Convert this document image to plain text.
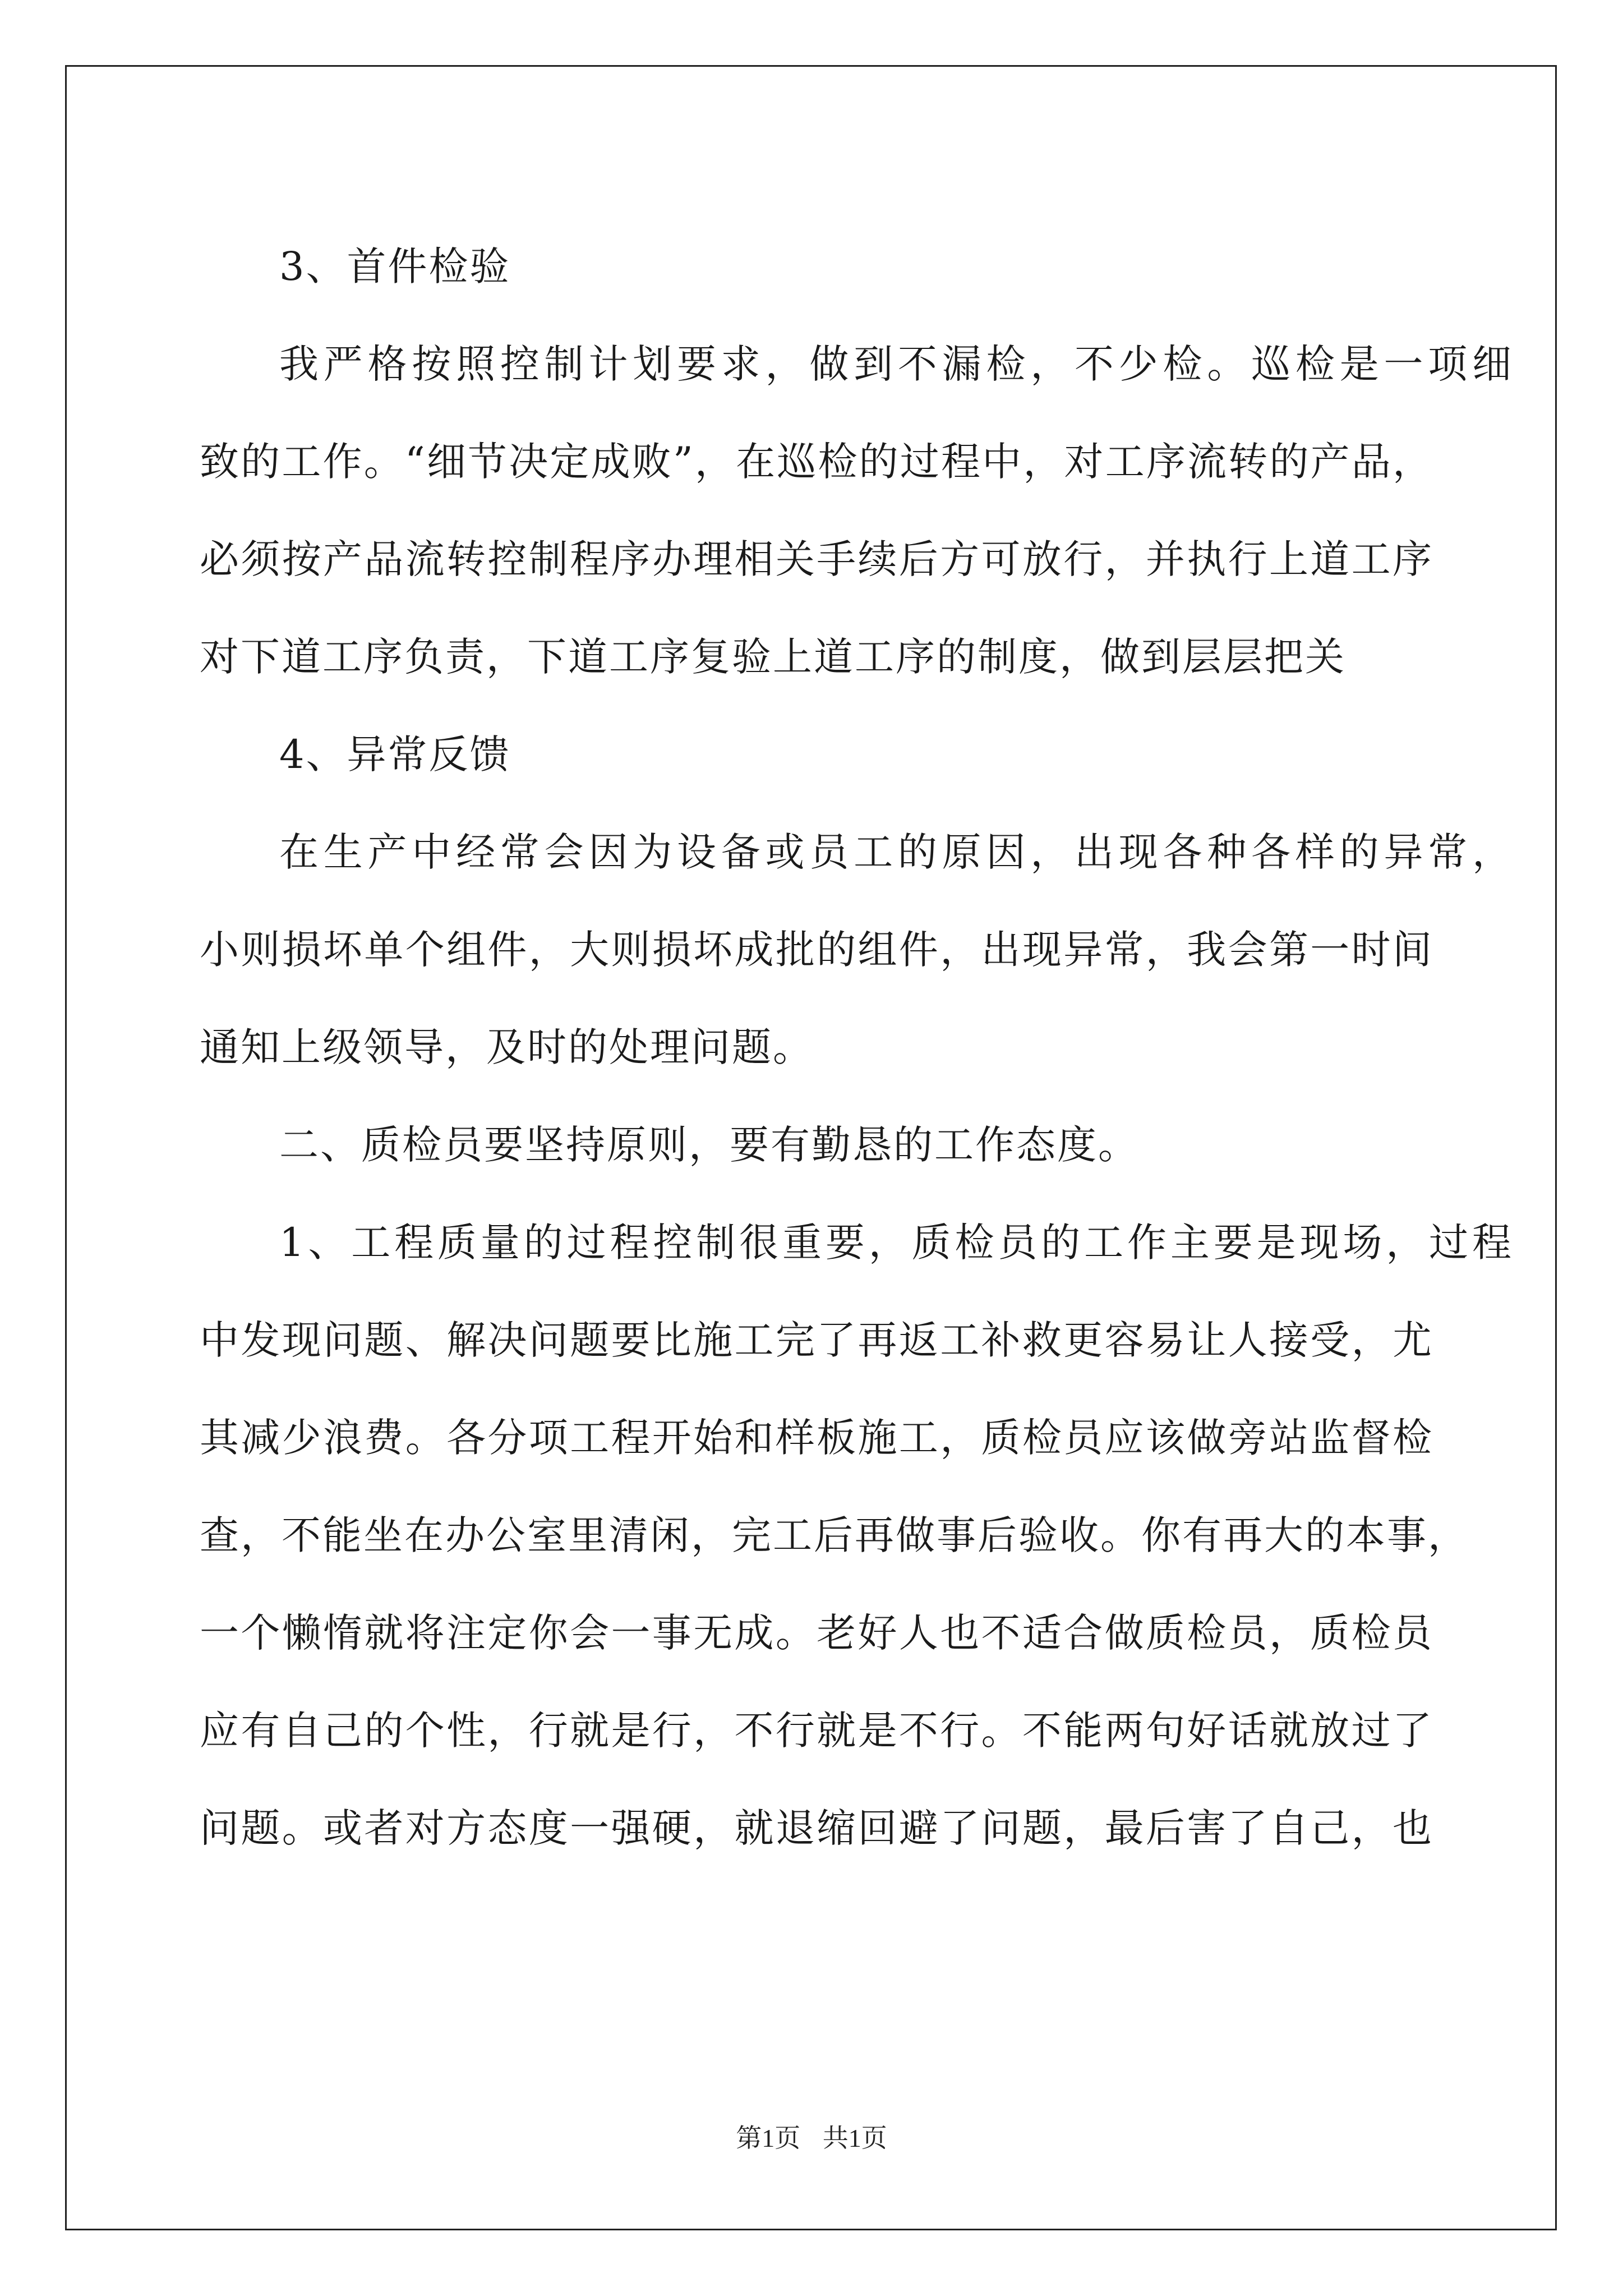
3、首件检验
我严格按照控制计划要求，做到不漏检，不少检。巡检是一项细
致的工作。“细节决定成败”，在巡检的过程中，对工序流转的产品，
必须按产品流转控制程序办理相关手续后方可放行，并执行上道工序
对下道工序负责，下道工序复验上道工序的制度，做到层层把关
4、异常反馈
在生产中经常会因为设备或员工的原因，出现各种各样的异常，
小则损坏单个组件，大则损坏成批的组件，出现异常，我会第一时间
通知上级领导，及时的处理问题。
二、质检员要坚持原则，要有勤恳的工作态度。
1、工程质量的过程控制很重要，质检员的工作主要是现场，过程
中发现问题、解决问题要比施工完了再返工补救更容易让人接受，尤
其减少浪费。各分项工程开始和样板施工，质检员应该做旁站监督检
查，不能坐在办公室里清闲，完工后再做事后验收。你有再大的本事，
一个懒惰就将注定你会一事无成。老好人也不适合做质检员，质检员
应有自己的个性，行就是行，不行就是不行。不能两句好话就放过了
问题。或者对方态度一强硬，就退缩回避了问题，最后害了自己，也
第1页 共1页
